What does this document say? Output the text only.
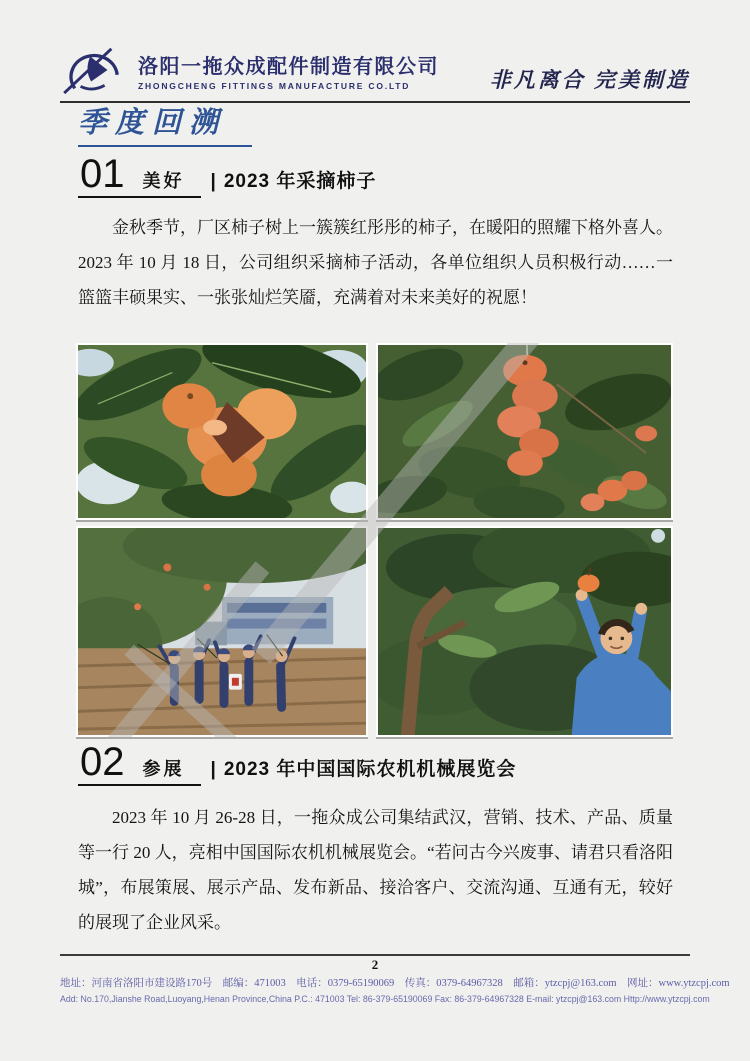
洛阳一拖众成配件制造有限公司
ZHONGCHENG FITTINGS MANUFACTURE CO.LTD	非凡离合 完美制造
季度回溯
01 美好 | 2023 年采摘柿子

金秋季节，厂区柿子树上一簇簇红彤彤的柿子，在暖阳的照耀下格外喜人。2023 年 10 月 18 日，公司组织采摘柿子活动，各单位组织人员积极行动……一篮篮丰硕果实、一张张灿烂笑靥，充满着对未来美好的祝愿！

02 参展 | 2023 年中国国际农机机械展览会

2023 年 10 月 26-28 日，一拖众成公司集结武汉，营销、技术、产品、质量等一行 20 人，亮相中国国际农机机械展览会。“若问古今兴废事、请君只看洛阳城”，布展策展、展示产品、发布新品、接洽客户、交流沟通、互通有无，较好的展现了企业风采。

2
地址：河南省洛阳市建设路170号　邮编：471003　电话：0379-65190069　传真：0379-64967328　邮箱：ytzcpj@163.com　网址：www.ytzcpj.com
Add: No.170,Jianshe Road,Luoyang,Henan Province,China P.C.: 471003 Tel: 86-379-65190069 Fax: 86-379-64967328 E-mail: ytzcpj@163.com Http://www.ytzcpj.com
